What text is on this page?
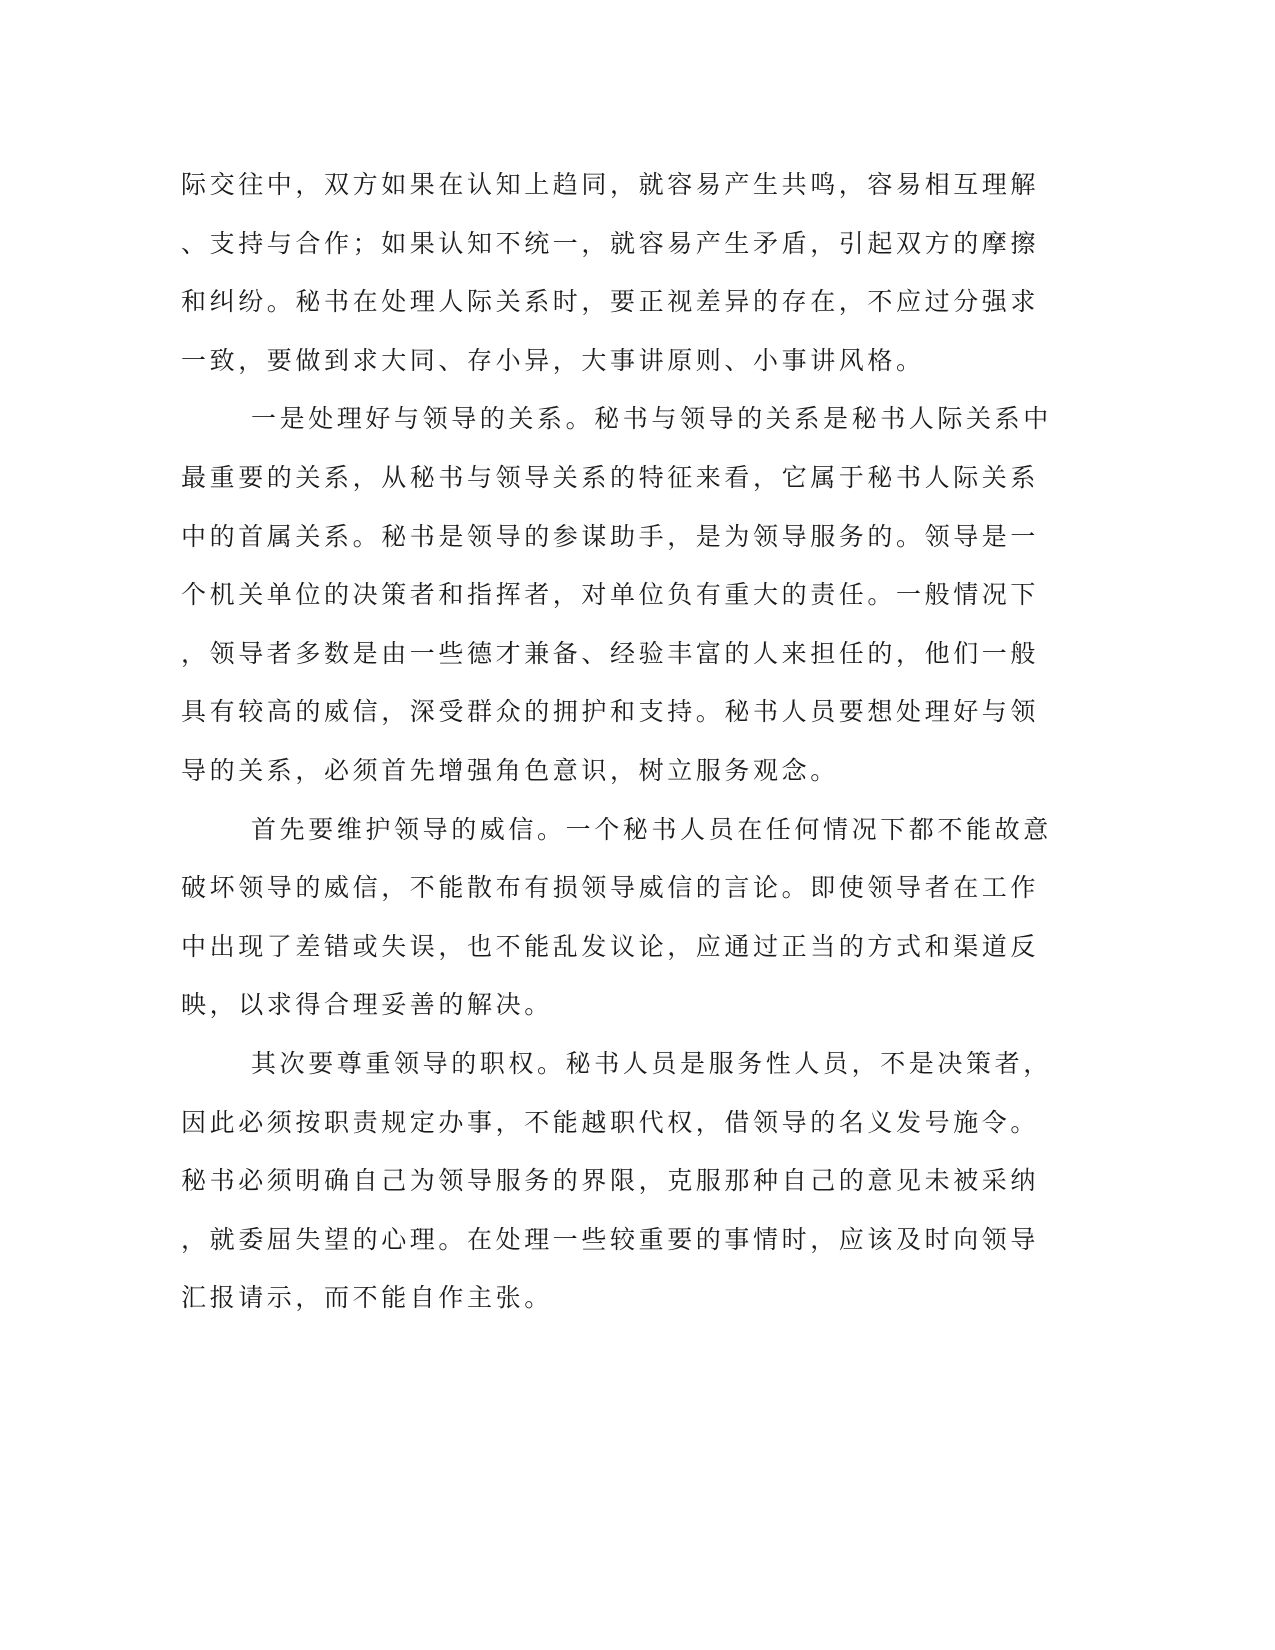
际交往中，双方如果在认知上趋同，就容易产生共鸣，容易相互理解
、支持与合作；如果认知不统一，就容易产生矛盾，引起双方的摩擦
和纠纷。秘书在处理人际关系时，要正视差异的存在，不应过分强求
一致，要做到求大同、存小异，大事讲原则、小事讲风格。
一是处理好与领导的关系。秘书与领导的关系是秘书人际关系中
最重要的关系，从秘书与领导关系的特征来看，它属于秘书人际关系
中的首属关系。秘书是领导的参谋助手，是为领导服务的。领导是一
个机关单位的决策者和指挥者，对单位负有重大的责任。一般情况下
，领导者多数是由一些德才兼备、经验丰富的人来担任的，他们一般
具有较高的威信，深受群众的拥护和支持。秘书人员要想处理好与领
导的关系，必须首先增强角色意识，树立服务观念。
首先要维护领导的威信。一个秘书人员在任何情况下都不能故意
破坏领导的威信，不能散布有损领导威信的言论。即使领导者在工作
中出现了差错或失误，也不能乱发议论，应通过正当的方式和渠道反
映，以求得合理妥善的解决。
其次要尊重领导的职权。秘书人员是服务性人员，不是决策者，
因此必须按职责规定办事，不能越职代权，借领导的名义发号施令。
秘书必须明确自己为领导服务的界限，克服那种自己的意见未被采纳
，就委屈失望的心理。在处理一些较重要的事情时，应该及时向领导
汇报请示，而不能自作主张。
